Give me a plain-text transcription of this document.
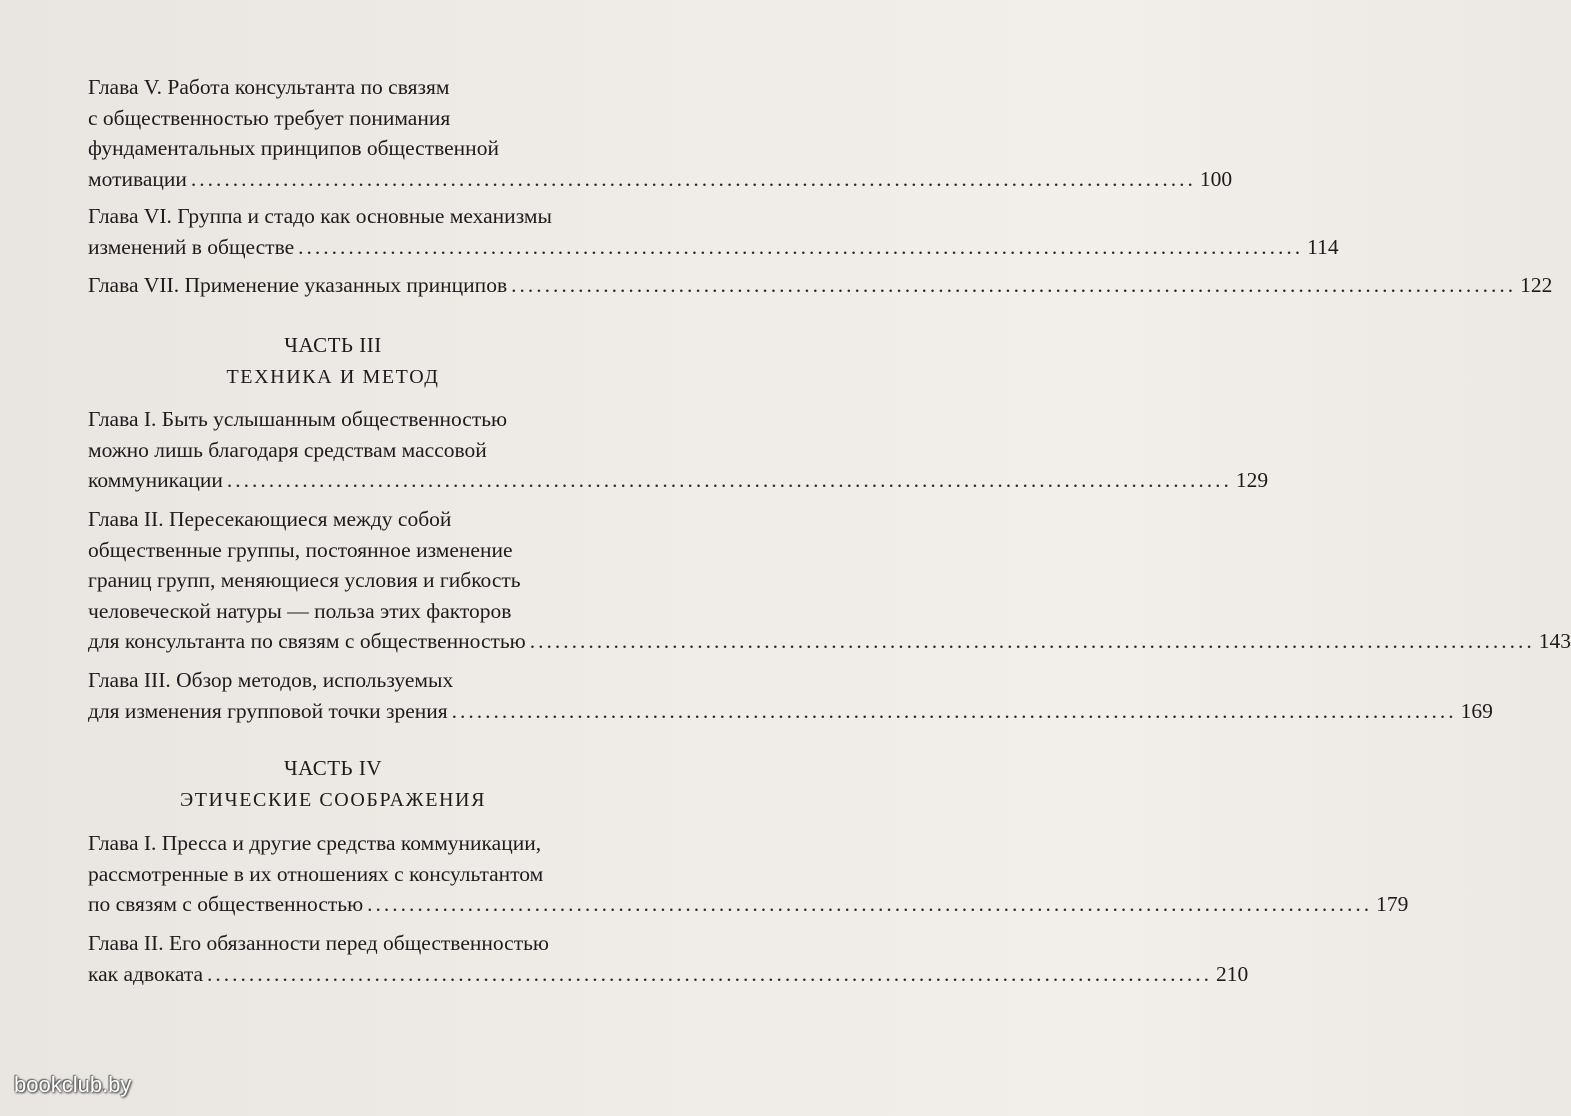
Глава V. Работа консультанта по связям
с общественностью требует понимания
фундаментальных принципов общественной
мотивации ........................................................................................................................ 100
Глава VI. Группа и стадо как основные механизмы
изменений в обществе ........................................................................................................................ 114
Глава VII. Применение указанных принципов ........................................................................................................................ 122
ЧАСТЬ III
ТЕХНИКА И МЕТОД
Глава I. Быть услышанным общественностью
можно лишь благодаря средствам массовой
коммуникации ........................................................................................................................ 129
Глава II. Пересекающиеся между собой
общественные группы, постоянное изменение
границ групп, меняющиеся условия и гибкость
человеческой натуры — польза этих факторов
для консультанта по связям с общественностью ........................................................................................................................ 143
Глава III. Обзор методов, используемых
для изменения групповой точки зрения ........................................................................................................................ 169
ЧАСТЬ IV
ЭТИЧЕСКИЕ СООБРАЖЕНИЯ
Глава I. Пресса и другие средства коммуникации,
рассмотренные в их отношениях с консультантом
по связям с общественностью ........................................................................................................................ 179
Глава II. Его обязанности перед общественностью
как адвоката ........................................................................................................................ 210
bookclub.by
